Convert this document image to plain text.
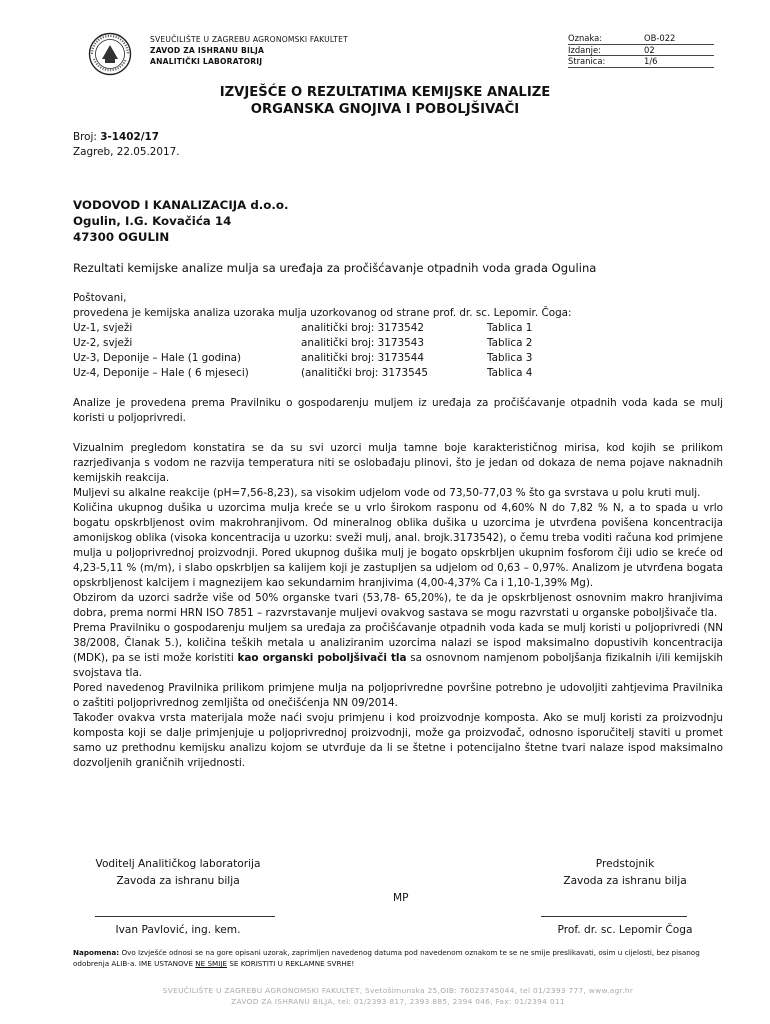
SVEUČILIŠTE U ZAGREBU AGRONOMSKI FAKULTET
ZAVOD ZA ISHRANU BILJA
ANALITIČKI LABORATORIJ
Oznaka:	OB-022
Izdanje:	02
Stranica:	1/6
IZVJEŠĆE O REZULTATIMA KEMIJSKE ANALIZE
ORGANSKA GNOJIVA I POBOLJŠIVAČI
Broj: 3-1402/17
Zagreb, 22.05.2017.
VODOVOD I KANALIZACIJA d.o.o.
Ogulin, I.G. Kovačića 14
47300 OGULIN
Rezultati kemijske analize mulja sa uređaja za pročišćavanje otpadnih voda grada Ogulina
Poštovani,
provedena je kemijska analiza uzoraka mulja uzorkovanog od strane prof. dr. sc. Lepomir. Čoga:
Uz-1, svježi	analitički broj: 3173542	Tablica 1
Uz-2, svježi	analitički broj: 3173543	Tablica 2
Uz-3, Deponije – Hale (1 godina)	analitički broj: 3173544	Tablica 3
Uz-4, Deponije – Hale ( 6 mjeseci)	(analitički broj: 3173545	Tablica 4
Analize je provedena prema Pravilniku o gospodarenju muljem iz uređaja za pročišćavanje otpadnih voda kada se mulj koristi u poljoprivredi.
Vizualnim pregledom konstatira se da su svi uzorci mulja tamne boje karakterističnog mirisa, kod kojih se prilikom razrjeđivanja s vodom ne razvija temperatura niti se oslobađaju plinovi, što je jedan od dokaza de nema pojave naknadnih kemijskih reakcija.
Muljevi su alkalne reakcije (pH=7,56-8,23), sa visokim udjelom vode od 73,50-77,03 % što ga svrstava u polu kruti mulj.
Količina ukupnog dušika u uzorcima mulja kreće se u vrlo širokom rasponu od 4,60% N do 7,82 % N, a to spada u vrlo bogatu opskrbljenost ovim makrohranjivom. Od mineralnog oblika dušika u uzorcima je utvrđena povišena koncentracija amonijskog oblika (visoka koncentracija u uzorku: sveži mulj, anal. brojk.3173542), o čemu treba voditi računa kod primjene mulja u poljoprivrednoj proizvodnji. Pored ukupnog dušika mulj je bogato opskrbljen ukupnim fosforom čiji udio se kreće od 4,23-5,11 % (m/m), i slabo opskrbljen sa kalijem koji je zastupljen sa udjelom od 0,63 – 0,97%. Analizom je utvrđena bogata opskrbljenost kalcijem i magnezijem kao sekundarnim hranjivima (4,00-4,37% Ca i 1,10-1,39% Mg).
Obzirom da uzorci sadrže više od 50% organske tvari (53,78- 65,20%), te da je opskrbljenost osnovnim makro hranjivima dobra, prema normi HRN ISO 7851 – razvrstavanje muljevi ovakvog sastava se mogu razvrstati u organske poboljšivače tla.
Prema Pravilniku o gospodarenju muljem sa uređaja za pročišćavanje otpadnih voda kada se mulj koristi u poljoprivredi (NN 38/2008, Članak 5.), količina teških metala u analiziranim uzorcima nalazi se ispod maksimalno dopustivih koncentracija (MDK), pa se isti može koristiti kao organski poboljšivači tla sa osnovnom namjenom poboljšanja fizikalnih i/ili kemijskih svojstava tla.
Pored navedenog Pravilnika prilikom primjene mulja na poljoprivredne površine potrebno je udovoljiti zahtjevima Pravilnika o zaštiti poljoprivrednog zemljišta od onečišćenja NN 09/2014.
Također ovakva vrsta materijala može naći svoju primjenu i kod proizvodnje komposta. Ako se mulj koristi za proizvodnju komposta koji se dalje primjenjuje u poljoprivrednoj proizvodnji, može ga proizvođač, odnosno isporučitelj staviti u promet samo uz prethodnu kemijsku analizu kojom se utvrđuje da li se štetne i potencijalno štetne tvari nalaze ispod maksimalno dozvoljenih graničnih vrijednosti.
Voditelj Analitičkog laboratorija
Zavoda za ishranu bilja
Predstojnik
Zavoda za ishranu bilja
MP
Ivan Pavlović, ing. kem.	Prof. dr. sc. Lepomir Čoga
Napomena: Ovo Izvješće odnosi se na gore opisani uzorak, zaprimljen navedenog datuma pod navedenom oznakom te se ne smije preslikavati, osim u cijelosti, bez pisanog odobrenja ALIB-a. IME USTANOVE NE SMIJE SE KORISTITI U REKLAMNE SVRHE!
SVEUČILIŠTE U ZAGREBU AGRONOMSKI FAKULTET, Svetošimunska 25,OIB: 76023745044, tel 01/2393 777, www.agr.hr
ZAVOD ZA ISHRANU BILJA, tel: 01/2393 817, 2393 885, 2394 046, Fax: 01/2394 011
